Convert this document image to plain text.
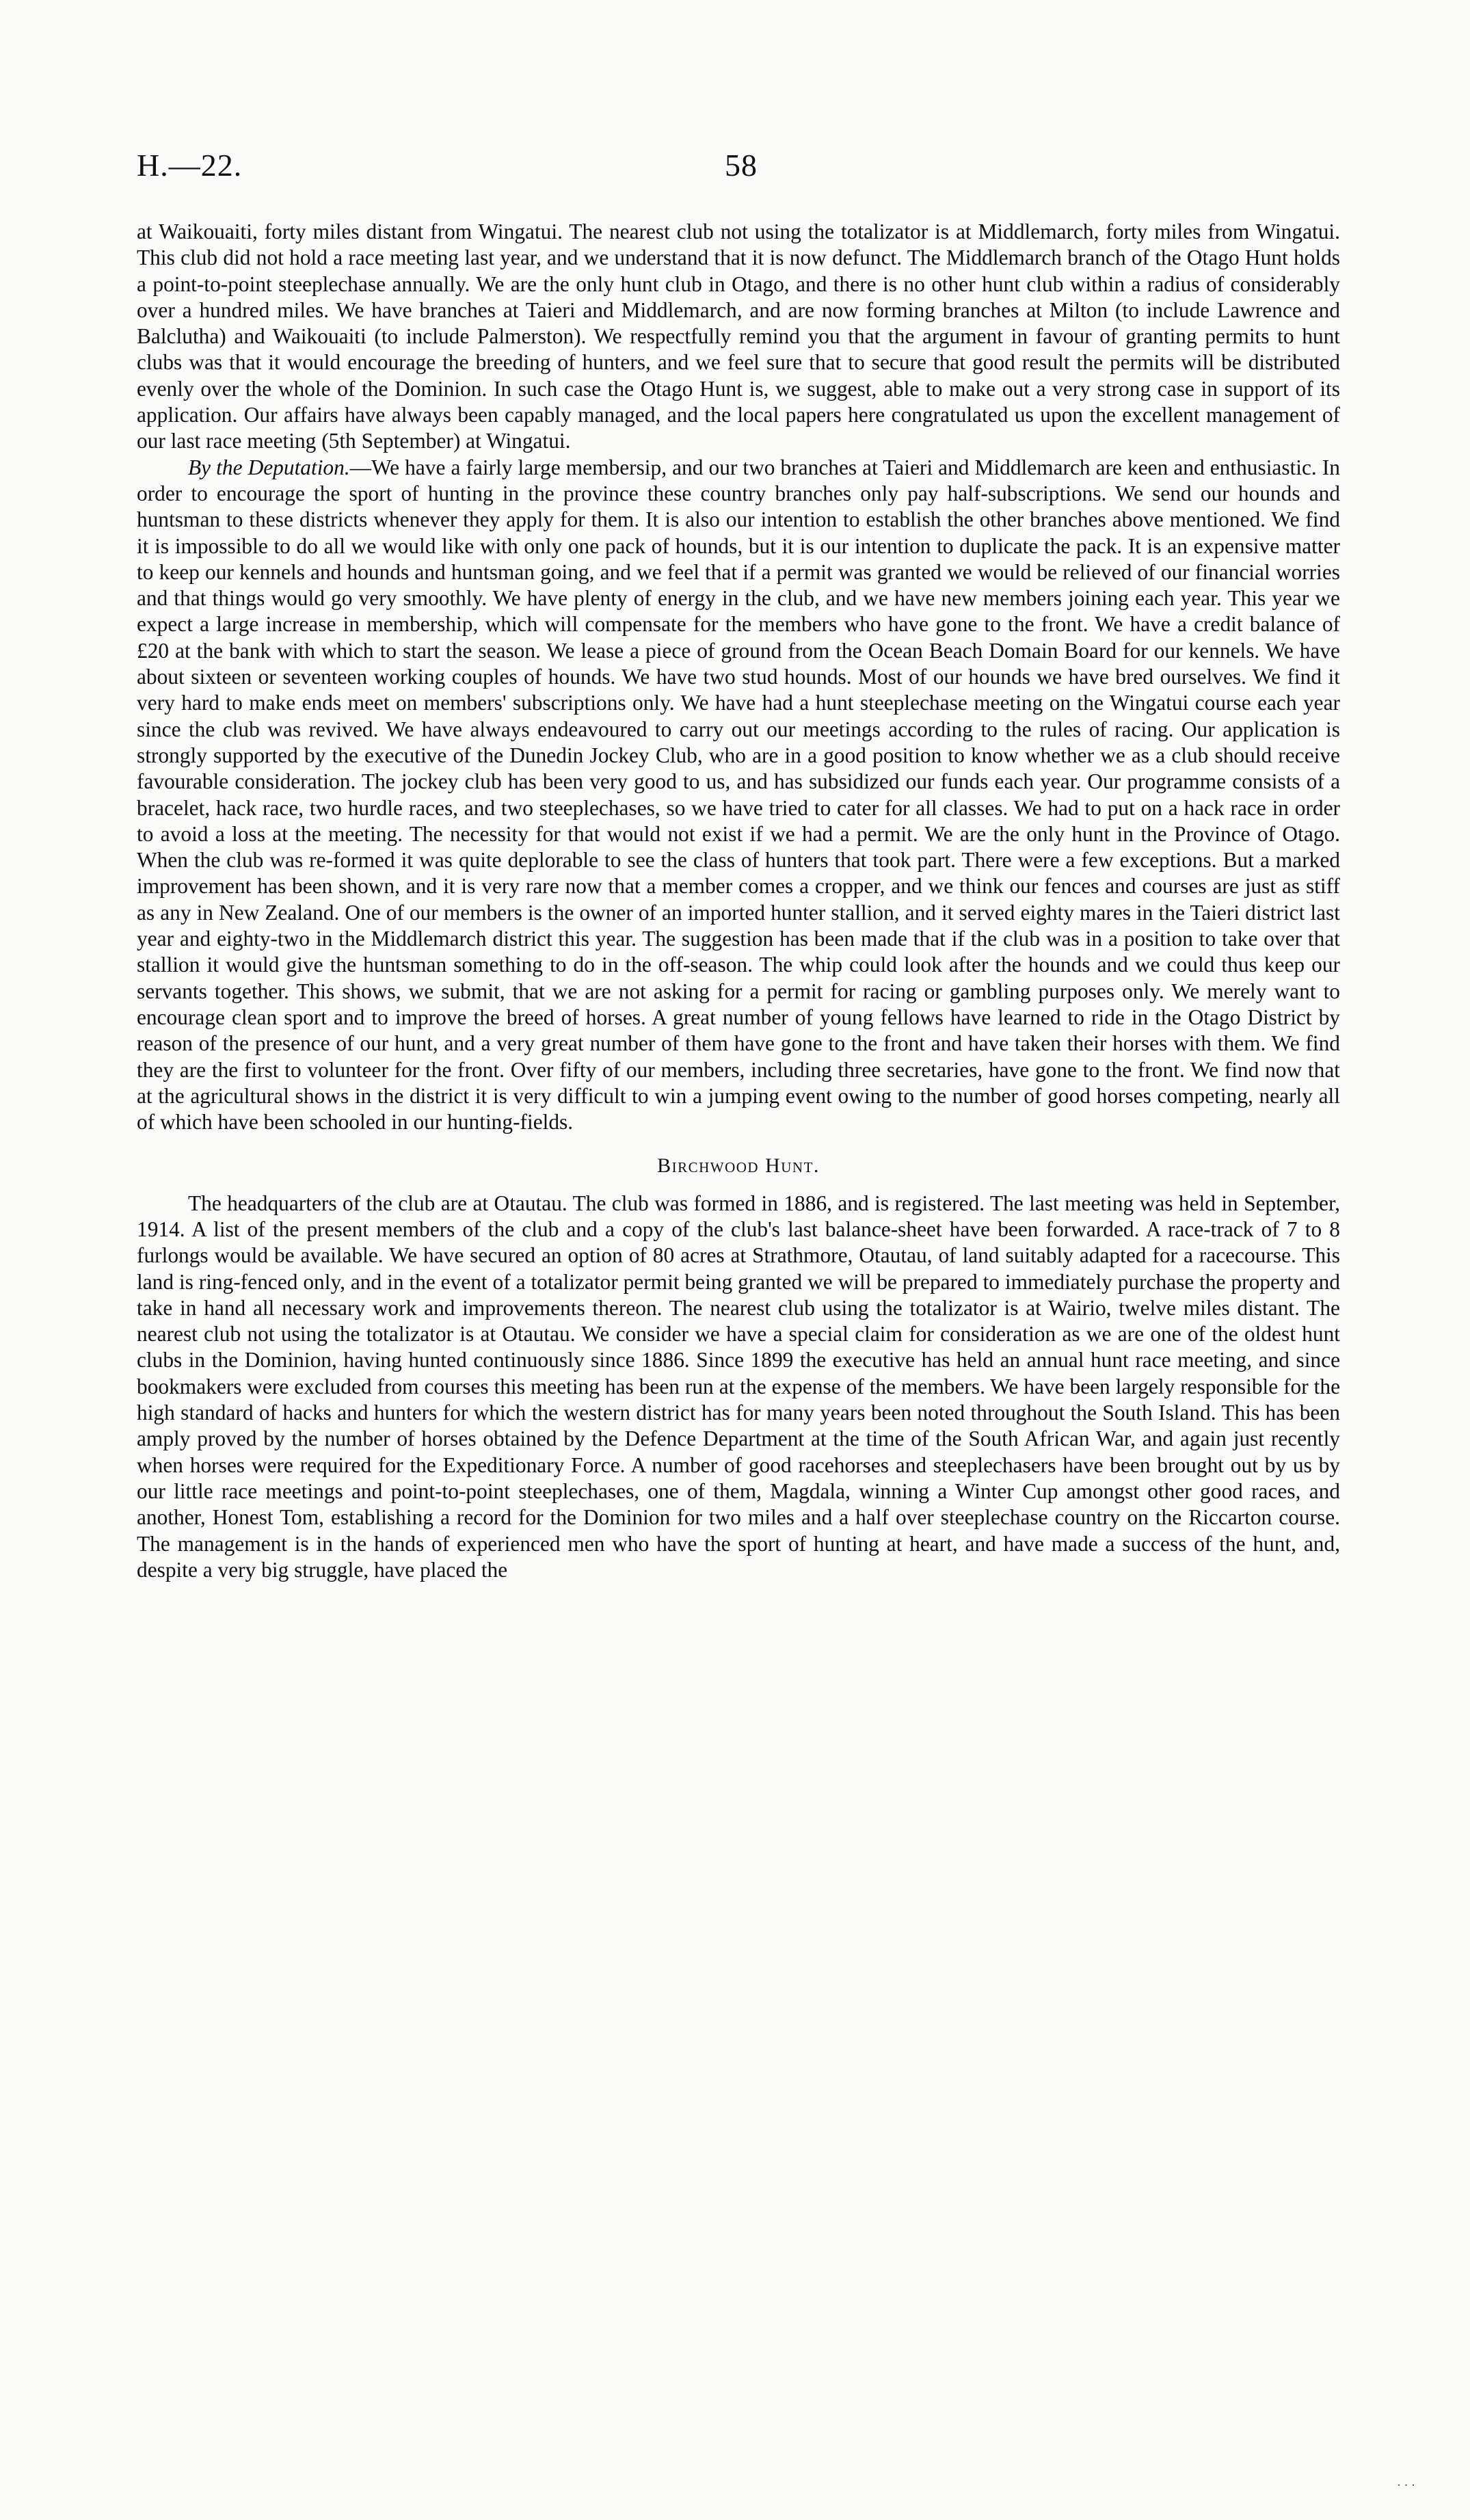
H.—22.	58

at Waikouaiti, forty miles distant from Wingatui. The nearest club not using the totalizator is at Middlemarch, forty miles from Wingatui. This club did not hold a race meeting last year, and we understand that it is now defunct. The Middlemarch branch of the Otago Hunt holds a point-to-point steeplechase annually. We are the only hunt club in Otago, and there is no other hunt club within a radius of considerably over a hundred miles. We have branches at Taieri and Middlemarch, and are now forming branches at Milton (to include Lawrence and Balclutha) and Waikouaiti (to include Palmerston). We respectfully remind you that the argument in favour of granting permits to hunt clubs was that it would encourage the breeding of hunters, and we feel sure that to secure that good result the permits will be distributed evenly over the whole of the Dominion. In such case the Otago Hunt is, we suggest, able to make out a very strong case in support of its application. Our affairs have always been capably managed, and the local papers here congratulated us upon the excellent management of our last race meeting (5th September) at Wingatui.

By the Deputation.—We have a fairly large membersip, and our two branches at Taieri and Middlemarch are keen and enthusiastic. In order to encourage the sport of hunting in the province these country branches only pay half-subscriptions. We send our hounds and huntsman to these districts whenever they apply for them. It is also our intention to establish the other branches above mentioned. We find it is impossible to do all we would like with only one pack of hounds, but it is our intention to duplicate the pack. It is an expensive matter to keep our kennels and hounds and huntsman going, and we feel that if a permit was granted we would be relieved of our financial worries and that things would go very smoothly. We have plenty of energy in the club, and we have new members joining each year. This year we expect a large increase in membership, which will compensate for the members who have gone to the front. We have a credit balance of £20 at the bank with which to start the season. We lease a piece of ground from the Ocean Beach Domain Board for our kennels. We have about sixteen or seventeen working couples of hounds. We have two stud hounds. Most of our hounds we have bred ourselves. We find it very hard to make ends meet on members' subscriptions only. We have had a hunt steeplechase meeting on the Wingatui course each year since the club was revived. We have always endeavoured to carry out our meetings according to the rules of racing. Our application is strongly supported by the executive of the Dunedin Jockey Club, who are in a good position to know whether we as a club should receive favourable consideration. The jockey club has been very good to us, and has subsidized our funds each year. Our programme consists of a bracelet, hack race, two hurdle races, and two steeplechases, so we have tried to cater for all classes. We had to put on a hack race in order to avoid a loss at the meeting. The necessity for that would not exist if we had a permit. We are the only hunt in the Province of Otago. When the club was re-formed it was quite deplorable to see the class of hunters that took part. There were a few exceptions. But a marked improvement has been shown, and it is very rare now that a member comes a cropper, and we think our fences and courses are just as stiff as any in New Zealand. One of our members is the owner of an imported hunter stallion, and it served eighty mares in the Taieri district last year and eighty-two in the Middlemarch district this year. The suggestion has been made that if the club was in a position to take over that stallion it would give the huntsman something to do in the off-season. The whip could look after the hounds and we could thus keep our servants together. This shows, we submit, that we are not asking for a permit for racing or gambling purposes only. We merely want to encourage clean sport and to improve the breed of horses. A great number of young fellows have learned to ride in the Otago District by reason of the presence of our hunt, and a very great number of them have gone to the front and have taken their horses with them. We find they are the first to volunteer for the front. Over fifty of our members, including three secretaries, have gone to the front. We find now that at the agricultural shows in the district it is very difficult to win a jumping event owing to the number of good horses competing, nearly all of which have been schooled in our hunting-fields.

Birchwood Hunt.

The headquarters of the club are at Otautau. The club was formed in 1886, and is registered. The last meeting was held in September, 1914. A list of the present members of the club and a copy of the club's last balance-sheet have been forwarded. A race-track of 7 to 8 furlongs would be available. We have secured an option of 80 acres at Strathmore, Otautau, of land suitably adapted for a racecourse. This land is ring-fenced only, and in the event of a totalizator permit being granted we will be prepared to immediately purchase the property and take in hand all necessary work and improvements thereon. The nearest club using the totalizator is at Wairio, twelve miles distant. The nearest club not using the totalizator is at Otautau. We consider we have a special claim for consideration as we are one of the oldest hunt clubs in the Dominion, having hunted continuously since 1886. Since 1899 the executive has held an annual hunt race meeting, and since bookmakers were excluded from courses this meeting has been run at the expense of the members. We have been largely responsible for the high standard of hacks and hunters for which the western district has for many years been noted throughout the South Island. This has been amply proved by the number of horses obtained by the Defence Department at the time of the South African War, and again just recently when horses were required for the Expeditionary Force. A number of good racehorses and steeplechasers have been brought out by us by our little race meetings and point-to-point steeplechases, one of them, Magdala, winning a Winter Cup amongst other good races, and another, Honest Tom, establishing a record for the Dominion for two miles and a half over steeplechase country on the Riccarton course. The management is in the hands of experienced men who have the sport of hunting at heart, and have made a success of the hunt, and, despite a very big struggle, have placed the

· · ·
